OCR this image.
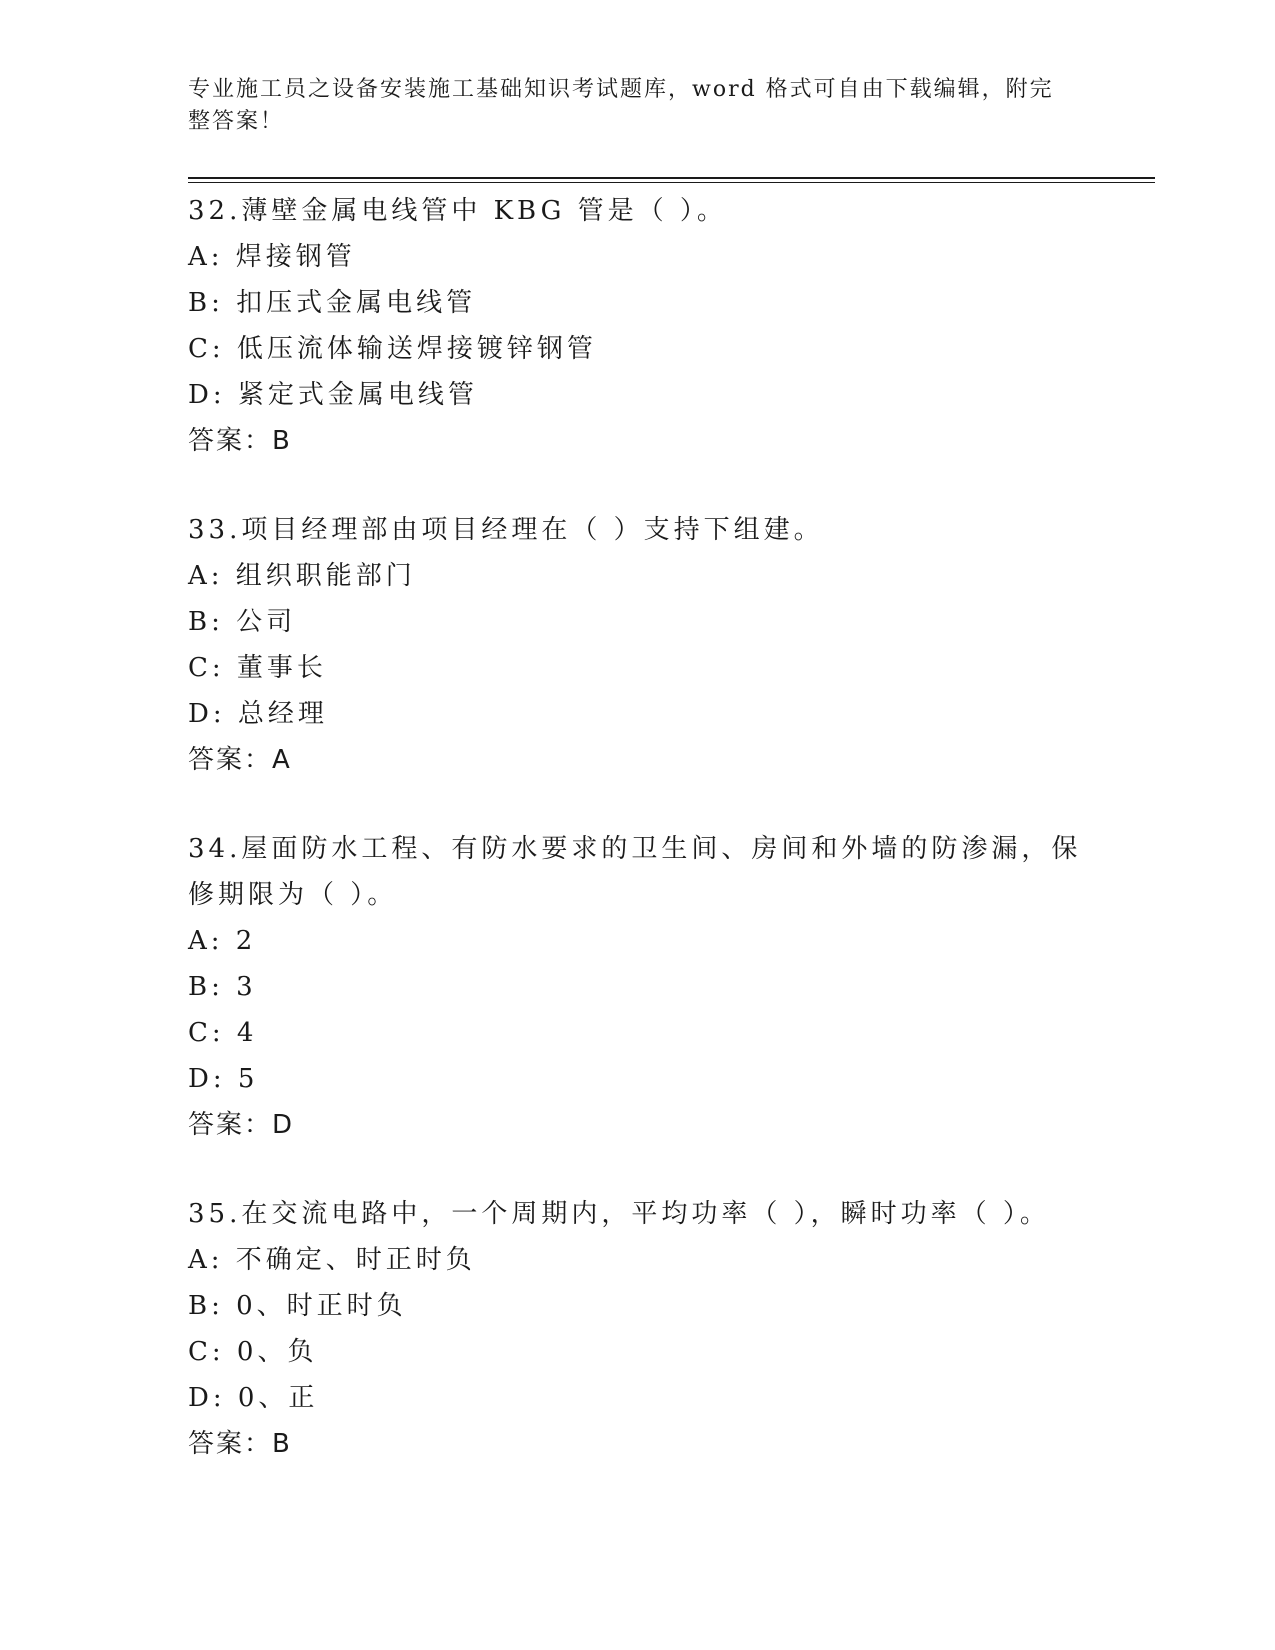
专业施工员之设备安装施工基础知识考试题库，word 格式可自由下载编辑，附完
整答案！
32.薄壁金属电线管中 KBG 管是（ ）。
A: 焊接钢管
B: 扣压式金属电线管
C: 低压流体输送焊接镀锌钢管
D: 紧定式金属电线管
答案：B
33.项目经理部由项目经理在（ ）支持下组建。
A: 组织职能部门
B: 公司
C: 董事长
D: 总经理
答案：A
34.屋面防水工程、有防水要求的卫生间、房间和外墙的防渗漏，保修期限为（ ）。
A: 2
B: 3
C: 4
D: 5
答案：D
35.在交流电路中，一个周期内，平均功率（ ），瞬时功率（ ）。
A: 不确定、时正时负
B: 0、时正时负
C: 0、负
D: 0、正
答案：B
